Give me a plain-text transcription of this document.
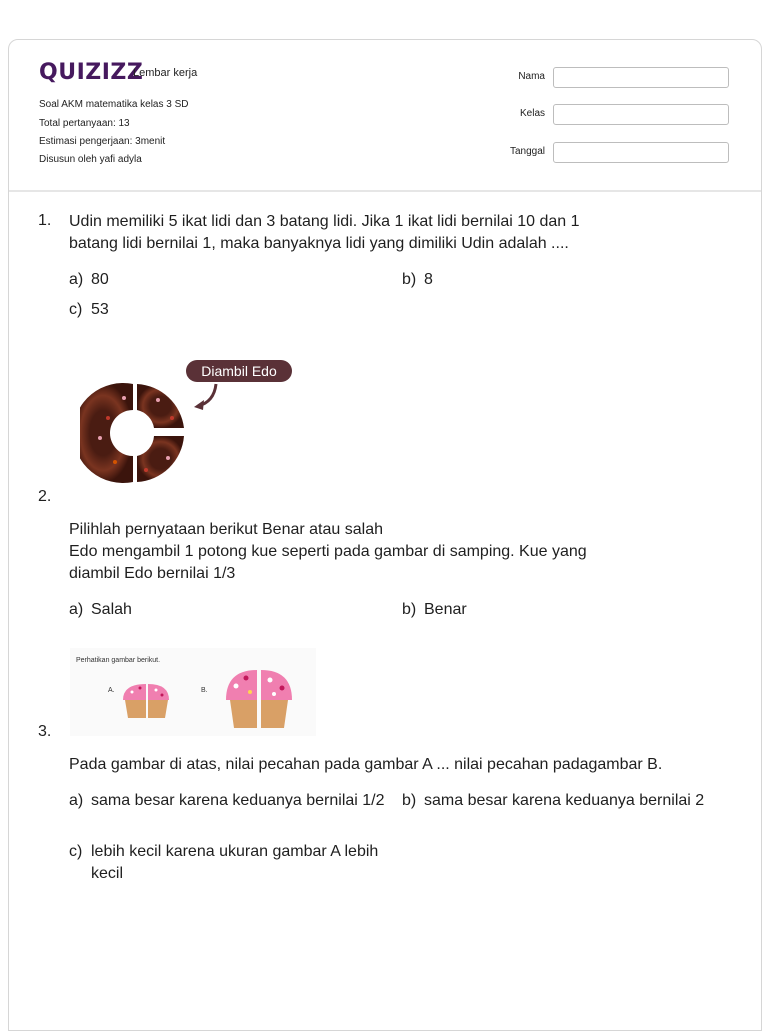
QUIZIZZ
Lembar kerja
Soal AKM matematika kelas 3 SD
Total pertanyaan: 13
Estimasi pengerjaan: 3menit
Disusun oleh yafi adyla
Nama
Kelas
Tanggal
1. Udin memiliki 5 ikat lidi dan 3 batang lidi. Jika 1 ikat lidi bernilai 10 dan 1
batang lidi bernilai 1, maka banyaknya lidi yang dimiliki Udin adalah ....
a) 80	b) 8
c) 53
Diambil Edo
2.
Pilihlah pernyataan berikut Benar atau salah
Edo mengambil 1 potong kue seperti pada gambar di samping. Kue yang
diambil Edo bernilai 1/3
a) Salah	b) Benar
Perhatikan gambar berikut.
A.	B.
3.
Pada gambar di atas, nilai pecahan pada gambar A ... nilai pecahan padagambar B.
a) sama besar karena keduanya bernilai 1/2 b) sama besar karena keduanya bernilai 2
c) lebih kecil karena ukuran gambar A lebih kecil
